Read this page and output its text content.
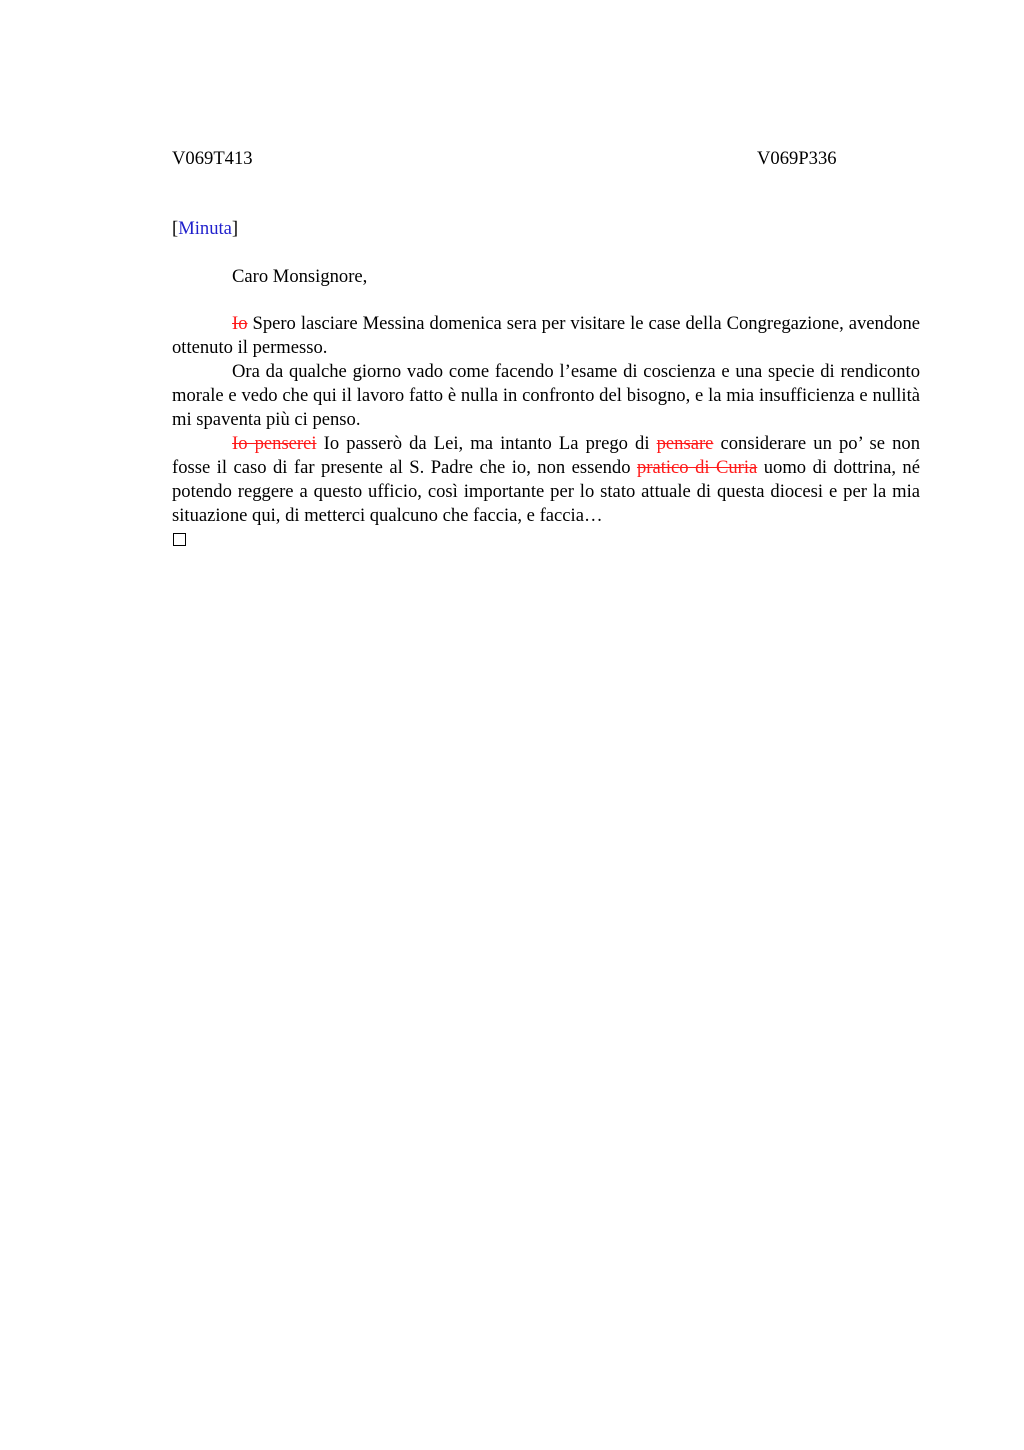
V069T413	V069P336
[Minuta]
Caro Monsignore,

Io Spero lasciare Messina domenica sera per visitare le case della Congregazione, avendone ottenuto il permesso.

Ora da qualche giorno vado come facendo l’esame di coscienza e una specie di rendiconto morale e vedo che qui il lavoro fatto è nulla in confronto del bisogno, e la mia insufficienza e nullità mi spaventa più ci penso.

Io penserei Io passerò da Lei, ma intanto La prego di pensare considerare un po’ se non fosse il caso di far presente al S. Padre che io, non essendo pratico di Curia uomo di dottrina, né potendo reggere a questo ufficio, così importante per lo stato attuale di questa diocesi e per la mia situazione qui, di metterci qualcuno che faccia, e faccia…
